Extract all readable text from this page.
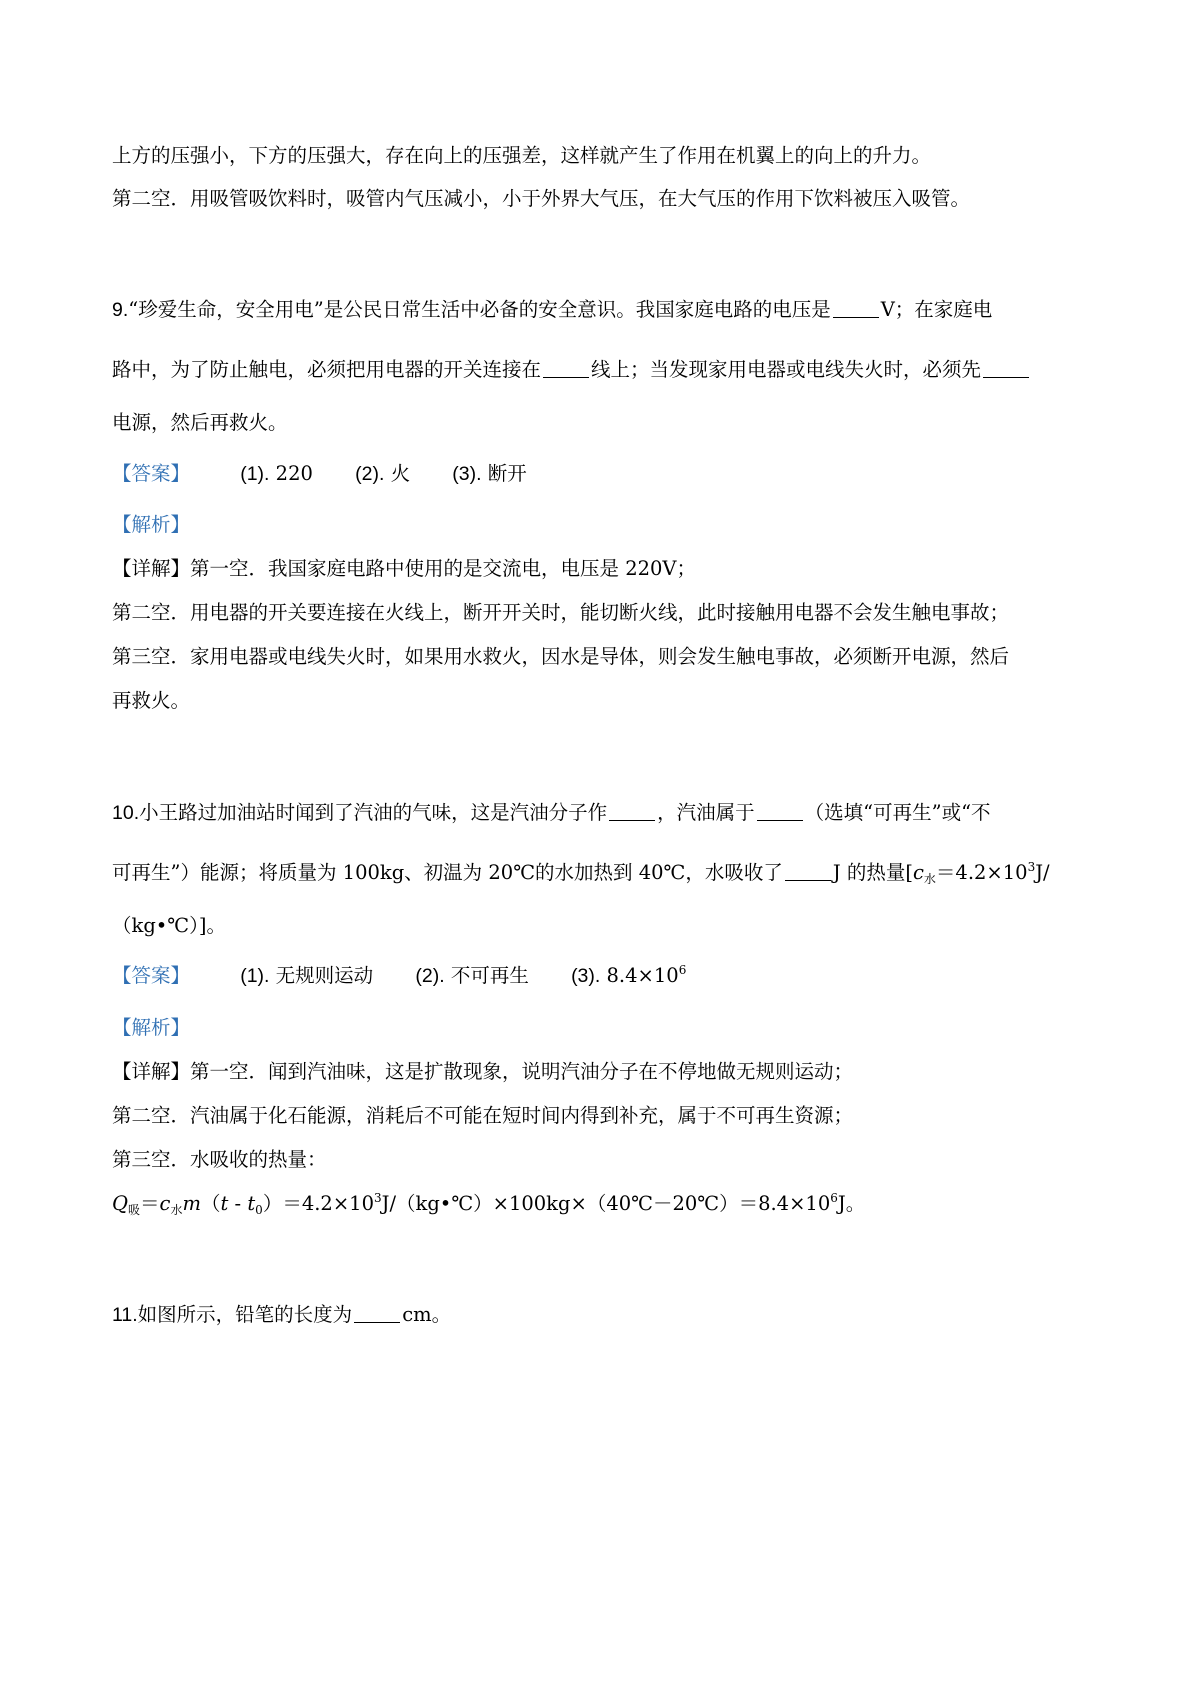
上方的压强小，下方的压强大，存在向上的压强差，这样就产生了作用在机翼上的向上的升力。
第二空．用吸管吸饮料时，吸管内气压减小，小于外界大气压，在大气压的作用下饮料被压入吸管。
9.“珍爱生命，安全用电”是公民日常生活中必备的安全意识。我国家庭电路的电压是	V；在家庭电
路中，为了防止触电，必须把用电器的开关连接在	线上；当发现家用电器或电线失火时，必须先
电源，然后再救火。
【答案】	(1). 220 (2). 火 (3). 断开
【解析】
【详解】第一空．我国家庭电路中使用的是交流电，电压是 220V；
第二空．用电器的开关要连接在火线上，断开开关时，能切断火线，此时接触用电器不会发生触电事故；
第三空．家用电器或电线失火时，如果用水救火，因水是导体，则会发生触电事故，必须断开电源，然后
再救火。
10.小王路过加油站时闻到了汽油的气味，这是汽油分子作	，汽油属于	（选填“可再生”或“不
可再生”）能源；将质量为 100kg、初温为 20℃的水加热到 40℃，水吸收了	J 的热量[$c_水=4.2\times 10^3J/$
（kg•℃）]。
【答案】	(1). 无规则运动 (2). 不可再生 (3). $8.4\times 10^6$
【解析】
【详解】第一空．闻到汽油味，这是扩散现象，说明汽油分子在不停地做无规则运动；
第二空．汽油属于化石能源，消耗后不可能在短时间内得到补充，属于不可再生资源；
第三空．水吸收的热量：
$Q_吸=c_水m(t$ - $t_0)=4.2\times 10^3J/(kg•℃)\times 100kg\times(40℃-20℃)=8.4\times 10^6J$。
11.如图所示，铅笔的长度为	cm。
